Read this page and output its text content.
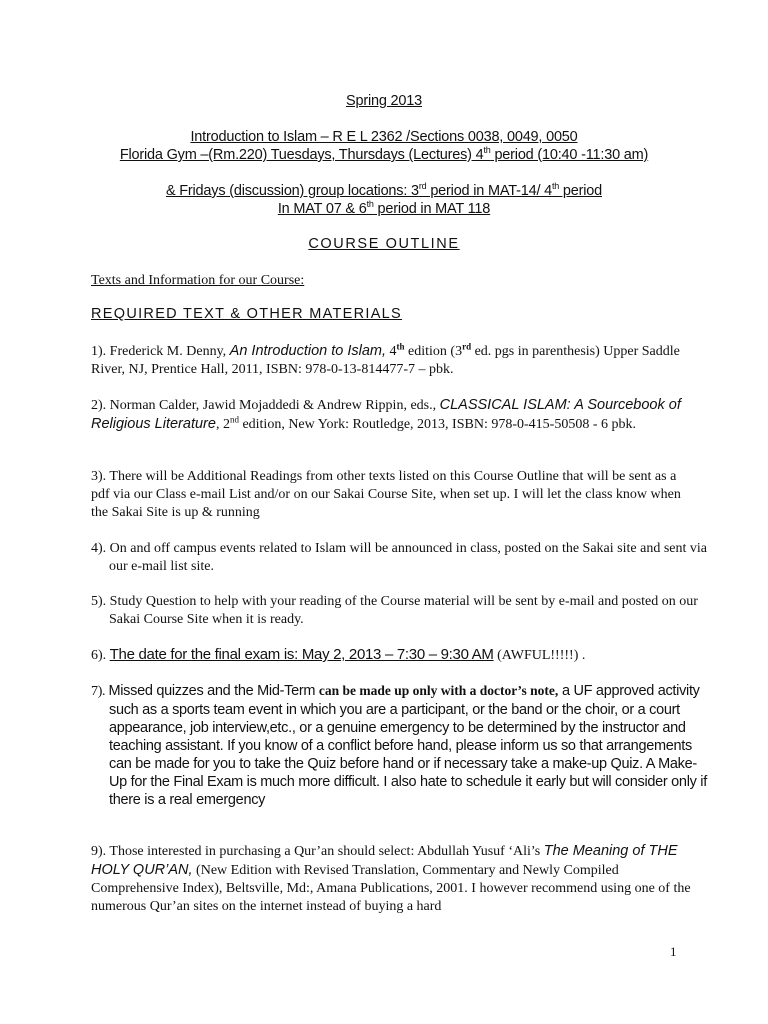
Spring 2013
Introduction to Islam – R E L 2362 /Sections 0038, 0049, 0050
Florida Gym –(Rm.220) Tuesdays, Thursdays (Lectures) 4th period (10:40 -11:30 am)
& Fridays (discussion) group locations: 3rd period in MAT-14/ 4th period
In MAT 07 & 6th period in MAT 118
COURSE OUTLINE
Texts and Information for our Course:
REQUIRED TEXT & OTHER MATERIALS
1). Frederick M. Denny, An Introduction to Islam, 4th edition (3rd ed. pgs in parenthesis) Upper Saddle River, NJ, Prentice Hall, 2011, ISBN: 978-0-13-814477-7 – pbk.
2). Norman Calder, Jawid Mojaddedi & Andrew Rippin, eds., CLASSICAL ISLAM: A Sourcebook of Religious Literature, 2nd edition, New York: Routledge, 2013, ISBN: 978-0-415-50508 - 6 pbk.
3). There will be Additional Readings from other texts listed on this Course Outline that will be sent as a pdf via our Class e-mail List and/or on our Sakai Course Site, when set up. I will let the class know when the Sakai Site is up & running
4). On and off campus events related to Islam will be announced in class, posted on the Sakai site and sent via our e-mail list site.
5). Study Question to help with your reading of the Course material will be sent by e-mail and posted on our Sakai Course Site when it is ready.
6). The date for the final exam is: May 2, 2013 – 7:30 – 9:30 AM (AWFUL!!!!!) .
7). Missed quizzes and the Mid-Term can be made up only with a doctor’s note, a UF approved activity such as a sports team event in which you are a participant, or the band or the choir, or a court appearance, job interview,etc., or a genuine emergency to be determined by the instructor and teaching assistant. If you know of a conflict before hand, please inform us so that arrangements can be made for you to take the Quiz before hand or if necessary take a make-up Quiz. A Make-Up for the Final Exam is much more difficult. I also hate to schedule it early but will consider only if there is a real emergency
9). Those interested in purchasing a Qur’an should select: Abdullah Yusuf ‘Ali’s The Meaning of THE HOLY QUR’AN, (New Edition with Revised Translation, Commentary and Newly Compiled Comprehensive Index), Beltsville, Md:, Amana Publications, 2001. I however recommend using one of the numerous Qur’an sites on the internet instead of buying a hard
1
